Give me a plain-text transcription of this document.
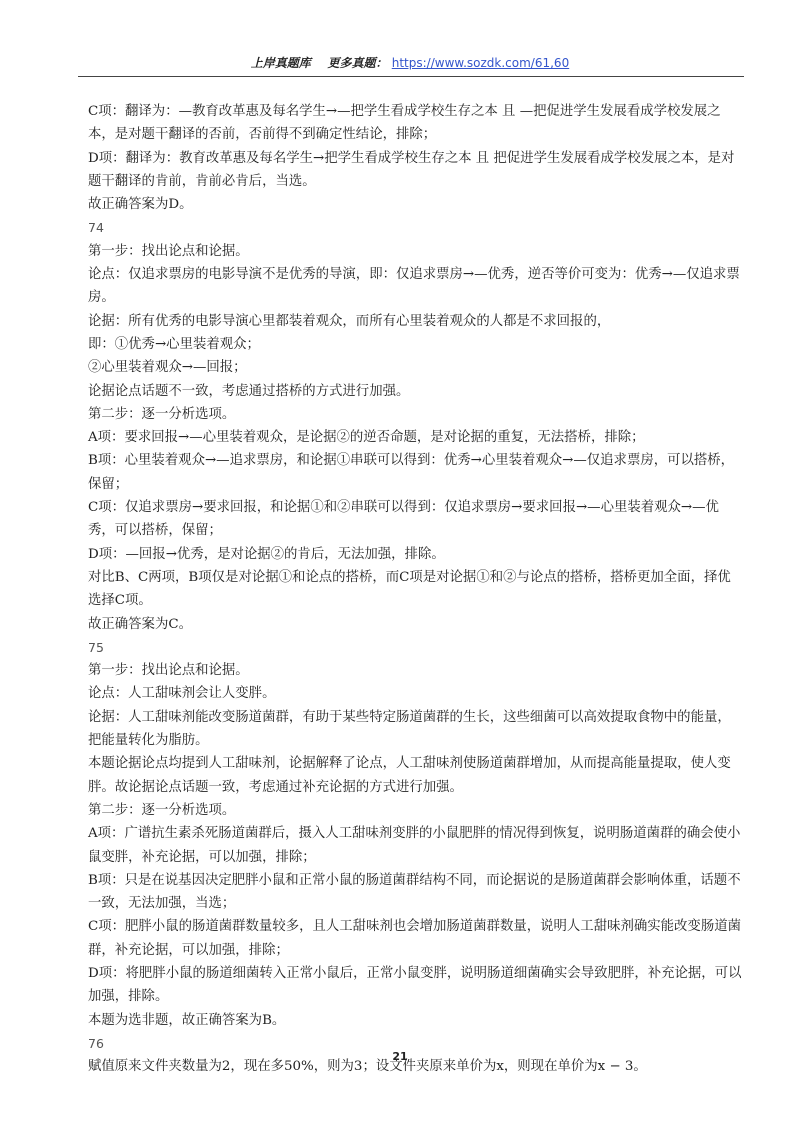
上岸真题库 更多真题： https://www.sozdk.com/61,60

C项：翻译为：—教育改革惠及每名学生→—把学生看成学校生存之本 且 —把促进学生发展看成学校发展之本，是对题干翻译的否前，否前得不到确定性结论，排除；

D项：翻译为：教育改革惠及每名学生→把学生看成学校生存之本 且 把促进学生发展看成学校发展之本，是对题干翻译的肯前，肯前必肯后，当选。

故正确答案为D。

74

第一步：找出论点和论据。

论点：仅追求票房的电影导演不是优秀的导演，即：仅追求票房→—优秀，逆否等价可变为：优秀→—仅追求票房。

论据：所有优秀的电影导演心里都装着观众，而所有心里装着观众的人都是不求回报的，

即：①优秀→心里装着观众；

②心里装着观众→—回报；

论据论点话题不一致，考虑通过搭桥的方式进行加强。

第二步：逐一分析选项。

A项：要求回报→—心里装着观众，是论据②的逆否命题，是对论据的重复，无法搭桥，排除；

B项：心里装着观众→—追求票房，和论据①串联可以得到：优秀→心里装着观众→—仅追求票房，可以搭桥，保留；

C项：仅追求票房→要求回报，和论据①和②串联可以得到：仅追求票房→要求回报→—心里装着观众→—优秀，可以搭桥，保留；

D项：—回报→优秀，是对论据②的肯后，无法加强，排除。

对比B、C两项，B项仅是对论据①和论点的搭桥，而C项是对论据①和②与论点的搭桥，搭桥更加全面，择优选择C项。

故正确答案为C。

75

第一步：找出论点和论据。

论点：人工甜味剂会让人变胖。

论据：人工甜味剂能改变肠道菌群，有助于某些特定肠道菌群的生长，这些细菌可以高效提取食物中的能量，把能量转化为脂肪。

本题论据论点均提到人工甜味剂，论据解释了论点，人工甜味剂使肠道菌群增加，从而提高能量提取，使人变胖。故论据论点话题一致，考虑通过补充论据的方式进行加强。

第二步：逐一分析选项。

A项：广谱抗生素杀死肠道菌群后，摄入人工甜味剂变胖的小鼠肥胖的情况得到恢复，说明肠道菌群的确会使小鼠变胖，补充论据，可以加强，排除；

B项：只是在说基因决定肥胖小鼠和正常小鼠的肠道菌群结构不同，而论据说的是肠道菌群会影响体重，话题不一致，无法加强，当选；

C项：肥胖小鼠的肠道菌群数量较多，且人工甜味剂也会增加肠道菌群数量，说明人工甜味剂确实能改变肠道菌群，补充论据，可以加强，排除；

D项：将肥胖小鼠的肠道细菌转入正常小鼠后，正常小鼠变胖，说明肠道细菌确实会导致肥胖，补充论据，可以加强，排除。

本题为选非题，故正确答案为B。

76

赋值原来文件夹数量为2，现在多50%，则为3；设文件夹原来单价为x，则现在单价为x − 3。

21
